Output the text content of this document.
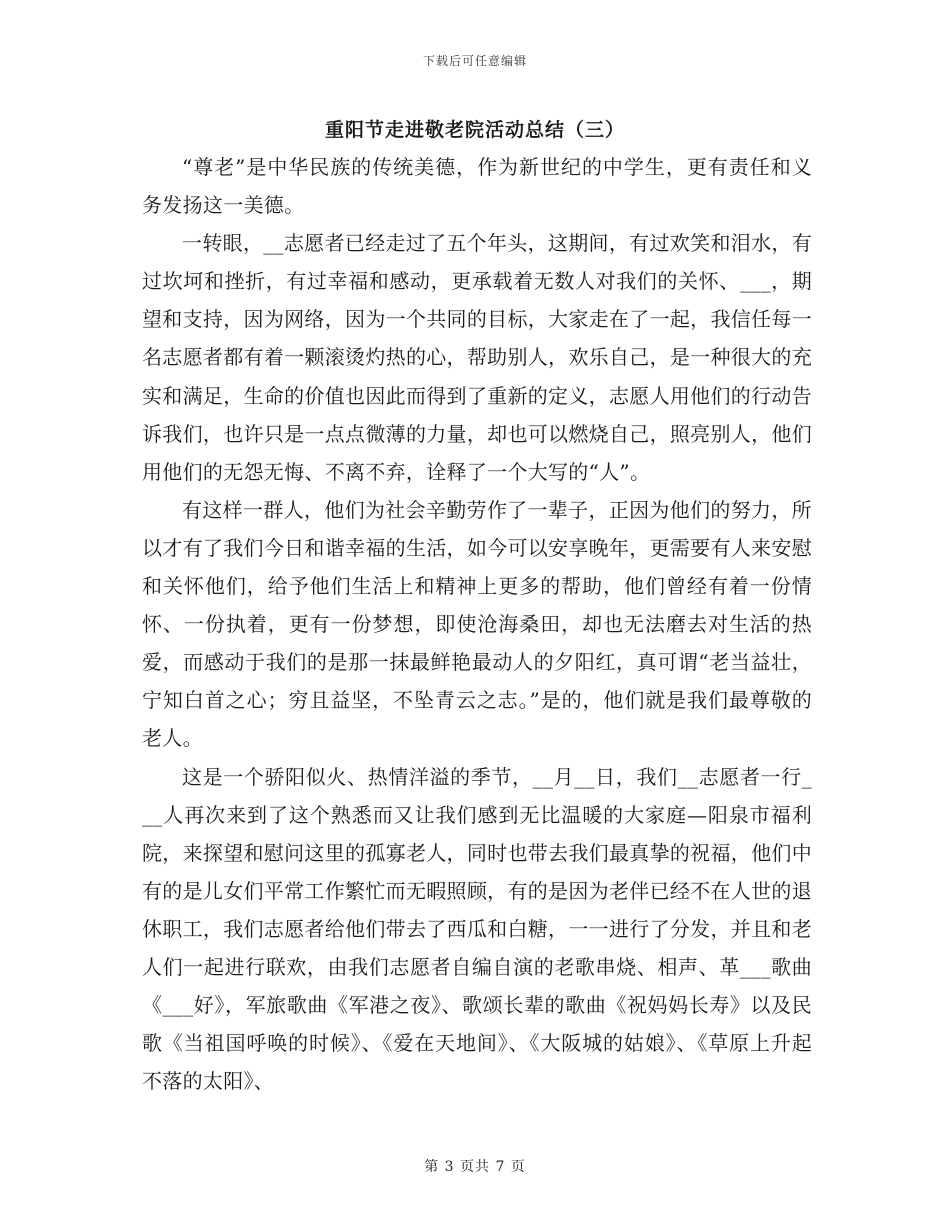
下载后可任意编辑
重阳节走进敬老院活动总结（三）

“尊老”是中华民族的传统美德，作为新世纪的中学生，更有责任和义务发扬这一美德。

一转眼，__志愿者已经走过了五个年头，这期间，有过欢笑和泪水，有过坎坷和挫折，有过幸福和感动，更承载着无数人对我们的关怀、___，期望和支持，因为网络，因为一个共同的目标，大家走在了一起，我信任每一名志愿者都有着一颗滚烫灼热的心，帮助别人，欢乐自己，是一种很大的充实和满足，生命的价值也因此而得到了重新的定义，志愿人用他们的行动告诉我们，也许只是一点点微薄的力量，却也可以燃烧自己，照亮别人，他们用他们的无怨无悔、不离不弃，诠释了一个大写的“人”。

有这样一群人，他们为社会辛勤劳作了一辈子，正因为他们的努力，所以才有了我们今日和谐幸福的生活，如今可以安享晚年，更需要有人来安慰和关怀他们，给予他们生活上和精神上更多的帮助，他们曾经有着一份情怀、一份执着，更有一份梦想，即使沧海桑田，却也无法磨去对生活的热爱，而感动于我们的是那一抹最鲜艳最动人的夕阳红，真可谓“老当益壮，宁知白首之心；穷且益坚，不坠青云之志。”是的，他们就是我们最尊敬的老人。

这是一个骄阳似火、热情洋溢的季节，__月__日，我们__志愿者一行___人再次来到了这个熟悉而又让我们感到无比温暖的大家庭—阳泉市福利院，来探望和慰问这里的孤寡老人，同时也带去我们最真挚的祝福，他们中有的是儿女们平常工作繁忙而无暇照顾，有的是因为老伴已经不在人世的退休职工，我们志愿者给他们带去了西瓜和白糖，一一进行了分发，并且和老人们一起进行联欢，由我们志愿者自编自演的老歌串烧、相声、革___歌曲《___好》，军旅歌曲《军港之夜》、歌颂长辈的歌曲《祝妈妈长寿》以及民歌《当祖国呼唤的时候》、《爱在天地间》、《大阪城的姑娘》、《草原上升起不落的太阳》、

第 3 页共 7 页
